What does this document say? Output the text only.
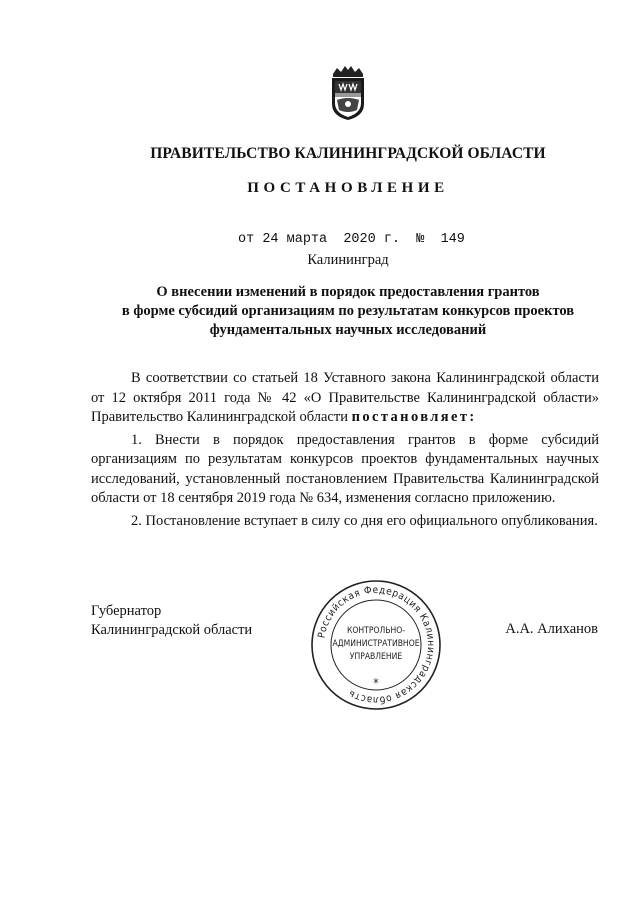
ПРАВИТЕЛЬСТВО КАЛИНИНГРАДСКОЙ ОБЛАСТИ
ПОСТАНОВЛЕНИЕ
от 24 марта 2020 г. № 149
Калининград
О внесении изменений в порядок предоставления грантов
в форме субсидий организациям по результатам конкурсов проектов
фундаментальных научных исследований

В соответствии со статьей 18 Уставного закона Калининградской области от 12 октября 2011 года № 42 «О Правительстве Калининградской области» Правительство Калининградской области постановляет:

1. Внести в порядок предоставления грантов в форме субсидий организациям по результатам конкурсов проектов фундаментальных научных исследований, установленный постановлением Правительства Калининградской области от 18 сентября 2019 года № 634, изменения согласно приложению.

2. Постановление вступает в силу со дня его официального опубликования.

Губернатор
Калининградской области	Российская Федерация Калининградская область
КОНТРОЛЬНО-
АДМИНИСТРАТИВНОЕ
УПРАВЛЕНИЕ
*
А.А. Алиханов
